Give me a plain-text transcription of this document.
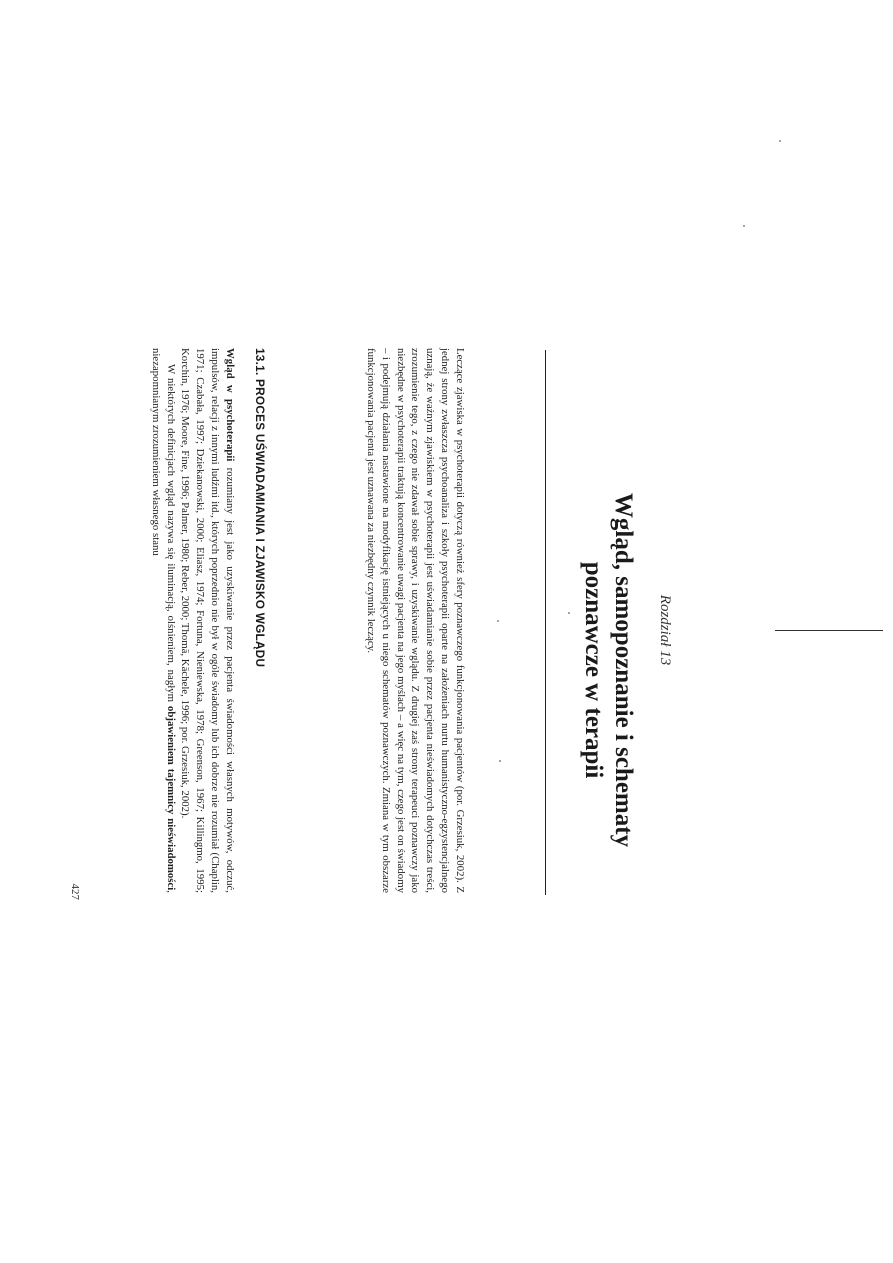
Rozdział 13
Wgląd, samopoznanie i schematy poznawcze w terapii
Leczące zjawiska w psychoterapii dotyczą również sfery poznawczego funkcjonowania pacjentów (por. Grzesiuk, 2002). Z jednej strony zwłaszcza psychoanaliza i szkoły psychoterapii oparte na założeniach nurtu humanistyczno-egzystencjalnego uznają, że ważnym zjawiskiem w psychoterapii jest uświadamianie sobie przez pacjenta nieświadomych dotychczas treści, zrozumienie tego, z czego nie zdawał sobie sprawy, i uzyskiwanie wglądu. Z drugiej zaś strony terapeuci poznawczy jako niezbędne w psychoterapii traktują koncentrowanie uwagi pacjenta na jego myślach – a więc na tym, czego jest on świadomy – i podejmują działania nastawione na modyfikację istniejących u niego schematów poznawczych. Zmiana w tym obszarze funkcjonowania pacjenta jest uznawana za niezbędny czynnik leczący.
13.1. PROCES UŚWIADAMIANIA I ZJAWISKO WGLĄDU

Wgląd w psychoterapii rozumiany jest jako uzyskiwanie przez pacjenta świadomości własnych motywów, odczuć, impulsów, relacji z innymi ludźmi itd., których poprzednio nie był w ogóle świadomy lub ich dobrze nie rozumiał (Chaplin, 1971; Czabała, 1997; Dziekanowski, 2000; Eliasz, 1974; Fortuna, Nieniewska, 1978; Greenson, 1967; Killingmo, 1995; Korchin, 1976; Moore, Fine, 1996; Palmer, 1980; Reber, 2000; Thomä, Kächele, 1996; por. Grzesiuk, 2002).

W niektórych definicjach wgląd nazywa się iluminacją, olśnieniem, nagłym objawieniem tajemnicy nieświadomości, niezapomnianym zrozumieniem własnego stanu

427
